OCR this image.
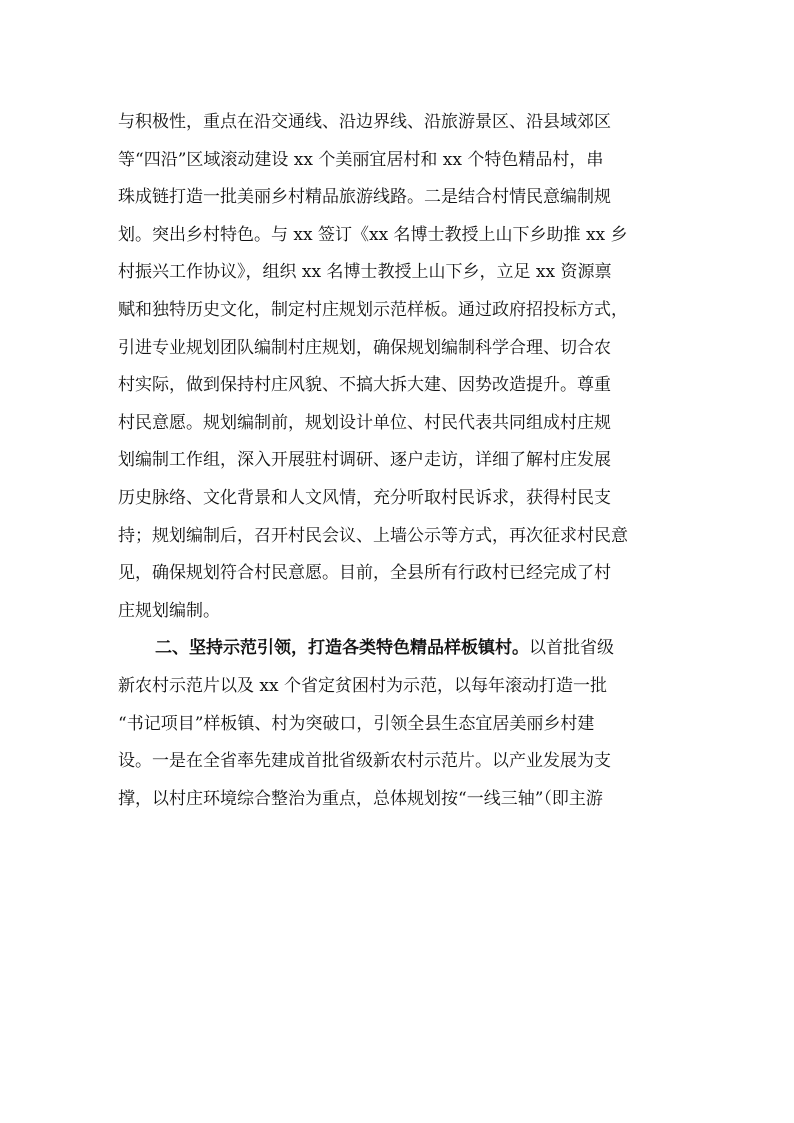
与积极性，重点在沿交通线、沿边界线、沿旅游景区、沿县域郊区
等“四沿”区域滚动建设 xx 个美丽宜居村和 xx 个特色精品村，串
珠成链打造一批美丽乡村精品旅游线路。二是结合村情民意编制规
划。突出乡村特色。与 xx 签订《xx 名博士教授上山下乡助推 xx 乡
村振兴工作协议》，组织 xx 名博士教授上山下乡，立足 xx 资源禀
赋和独特历史文化，制定村庄规划示范样板。通过政府招投标方式，
引进专业规划团队编制村庄规划，确保规划编制科学合理、切合农
村实际，做到保持村庄风貌、不搞大拆大建、因势改造提升。尊重
村民意愿。规划编制前，规划设计单位、村民代表共同组成村庄规
划编制工作组，深入开展驻村调研、逐户走访，详细了解村庄发展
历史脉络、文化背景和人文风情，充分听取村民诉求，获得村民支
持；规划编制后，召开村民会议、上墙公示等方式，再次征求村民意
见，确保规划符合村民意愿。目前，全县所有行政村已经完成了村
庄规划编制。
二、坚持示范引领，打造各类特色精品样板镇村。以首批省级
新农村示范片以及 xx 个省定贫困村为示范，以每年滚动打造一批
“书记项目”样板镇、村为突破口，引领全县生态宜居美丽乡村建
设。一是在全省率先建成首批省级新农村示范片。以产业发展为支
撑，以村庄环境综合整治为重点，总体规划按“一线三轴”（即主游
